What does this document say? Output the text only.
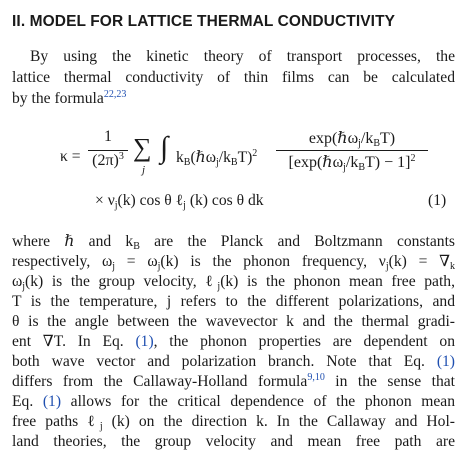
II. MODEL FOR LATTICE THERMAL CONDUCTIVITY
By using the kinetic theory of transport processes, the
lattice thermal conductivity of thin films can be calculated
by the formula$^{22,23}$
κ =
1
$(2\pi)^3$ ∑
j
∫ $k_B(\hbar\omega_j/k_BT)^2$
$\exp(\hbar\omega_j/k_BT)$
$[\exp(\hbar\omega_j/k_BT) - 1]^2$
× $\nu_j(k)$ cos θ ℓ$_j$ (k) cos θ dk	(1)
where ℏ and $k_B$ are the Planck and Boltzmann constants
respectively, $\omega_j = \omega_j(k)$ is the phonon frequency, $\nu_j(k) = \nabla_k$
$\omega_j(k)$ is the group velocity, ℓ$_j$(k) is the phonon mean free path,
T is the temperature, j refers to the different polarizations, and
θ is the angle between the wavevector k and the thermal gradi-
ent ∇T. In Eq. (1), the phonon properties are dependent on
both wave vector and polarization branch. Note that Eq. (1)
differs from the Callaway-Holland formula$^{9,10}$ in the sense that
Eq. (1) allows for the critical dependence of the phonon mean
free paths ℓ$_j$ (k) on the direction k. In the Callaway and Hol-
land theories, the group velocity and mean free path are
